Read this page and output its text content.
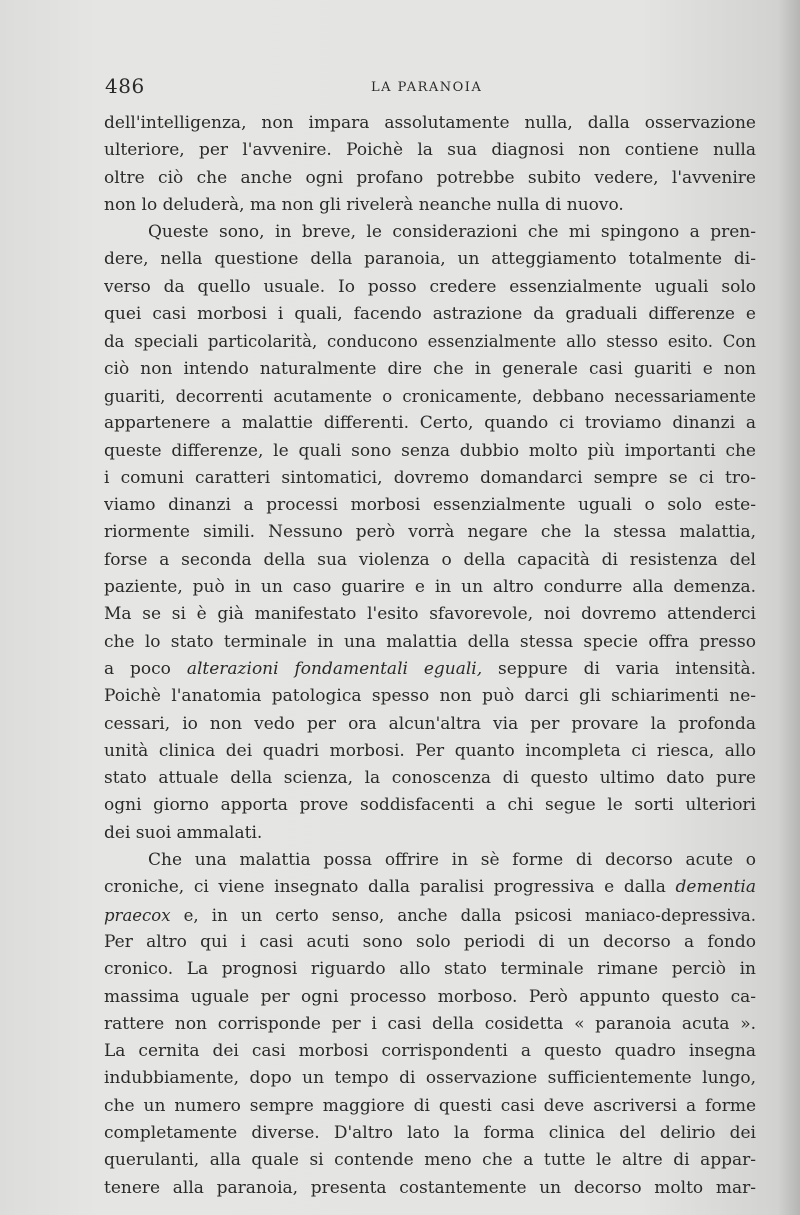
486	LA PARANOIA
dell'intelligenza, non impara assolutamente nulla, dalla osservazione
ulteriore, per l'avvenire. Poichè la sua diagnosi non contiene nulla
oltre ciò che anche ogni profano potrebbe subito vedere, l'avvenire
non lo deluderà, ma non gli rivelerà neanche nulla di nuovo.
Queste sono, in breve, le considerazioni che mi spingono a pren-
dere, nella questione della paranoia, un atteggiamento totalmente di-
verso da quello usuale. Io posso credere essenzialmente uguali solo
quei casi morbosi i quali, facendo astrazione da graduali differenze e
da speciali particolarità, conducono essenzialmente allo stesso esito. Con
ciò non intendo naturalmente dire che in generale casi guariti e non
guariti, decorrenti acutamente o cronicamente, debbano necessariamente
appartenere a malattie differenti. Certo, quando ci troviamo dinanzi a
queste differenze, le quali sono senza dubbio molto più importanti che
i comuni caratteri sintomatici, dovremo domandarci sempre se ci tro-
viamo dinanzi a processi morbosi essenzialmente uguali o solo este-
riormente simili. Nessuno però vorrà negare che la stessa malattia,
forse a seconda della sua violenza o della capacità di resistenza del
paziente, può in un caso guarire e in un altro condurre alla demenza.
Ma se si è già manifestato l'esito sfavorevole, noi dovremo attenderci
che lo stato terminale in una malattia della stessa specie offra presso
a poco alterazioni fondamentali eguali, seppure di varia intensità.
Poichè l'anatomia patologica spesso non può darci gli schiarimenti ne-
cessari, io non vedo per ora alcun'altra via per provare la profonda
unità clinica dei quadri morbosi. Per quanto incompleta ci riesca, allo
stato attuale della scienza, la conoscenza di questo ultimo dato pure
ogni giorno apporta prove soddisfacenti a chi segue le sorti ulteriori
dei suoi ammalati.
Che una malattia possa offrire in sè forme di decorso acute o
croniche, ci viene insegnato dalla paralisi progressiva e dalla dementia
praecox e, in un certo senso, anche dalla psicosi maniaco-depressiva.
Per altro qui i casi acuti sono solo periodi di un decorso a fondo
cronico. La prognosi riguardo allo stato terminale rimane perciò in
massima uguale per ogni processo morboso. Però appunto questo ca-
rattere non corrisponde per i casi della cosidetta « paranoia acuta ».
La cernita dei casi morbosi corrispondenti a questo quadro insegna
indubbiamente, dopo un tempo di osservazione sufficientemente lungo,
che un numero sempre maggiore di questi casi deve ascriversi a forme
completamente diverse. D'altro lato la forma clinica del delirio dei
querulanti, alla quale si contende meno che a tutte le altre di appar-
tenere alla paranoia, presenta costantemente un decorso molto mar-
